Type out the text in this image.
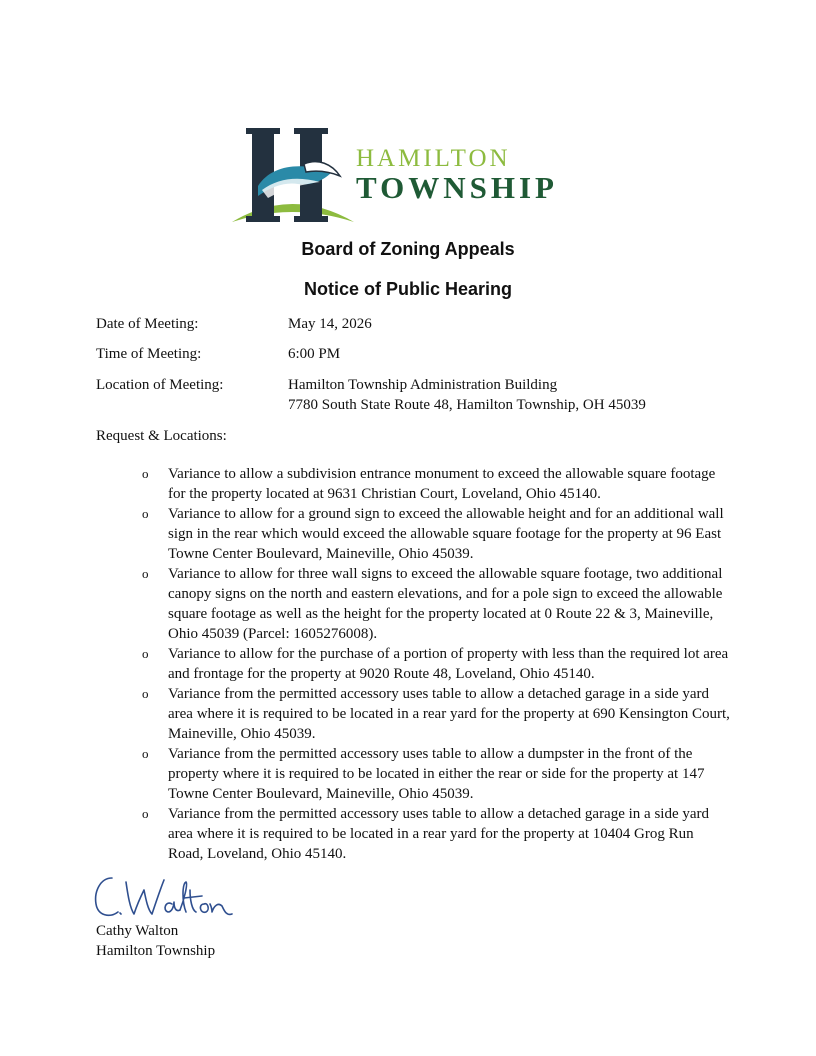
HAMILTON
TOWNSHIP
Board of Zoning Appeals
Notice of Public Hearing
Date of Meeting:	May 14, 2026
Time of Meeting:	6:00 PM
Location of Meeting:	Hamilton Township Administration Building
7780 South State Route 48, Hamilton Township, OH 45039
Request & Locations:
o Variance to allow a subdivision entrance monument to exceed the allowable square footage for the property located at 9631 Christian Court, Loveland, Ohio 45140.
o Variance to allow for a ground sign to exceed the allowable height and for an additional wall sign in the rear which would exceed the allowable square footage for the property at 96 East Towne Center Boulevard, Maineville, Ohio 45039.
o Variance to allow for three wall signs to exceed the allowable square footage, two additional canopy signs on the north and eastern elevations, and for a pole sign to exceed the allowable square footage as well as the height for the property located at 0 Route 22 & 3, Maineville, Ohio 45039 (Parcel: 1605276008).
o Variance to allow for the purchase of a portion of property with less than the required lot area and frontage for the property at 9020 Route 48, Loveland, Ohio 45140.
o Variance from the permitted accessory uses table to allow a detached garage in a side yard area where it is required to be located in a rear yard for the property at 690 Kensington Court, Maineville, Ohio 45039.
o Variance from the permitted accessory uses table to allow a dumpster in the front of the property where it is required to be located in either the rear or side for the property at 147 Towne Center Boulevard, Maineville, Ohio 45039.
o Variance from the permitted accessory uses table to allow a detached garage in a side yard area where it is required to be located in a rear yard for the property at 10404 Grog Run Road, Loveland, Ohio 45140.
Cathy Walton
Hamilton Township
